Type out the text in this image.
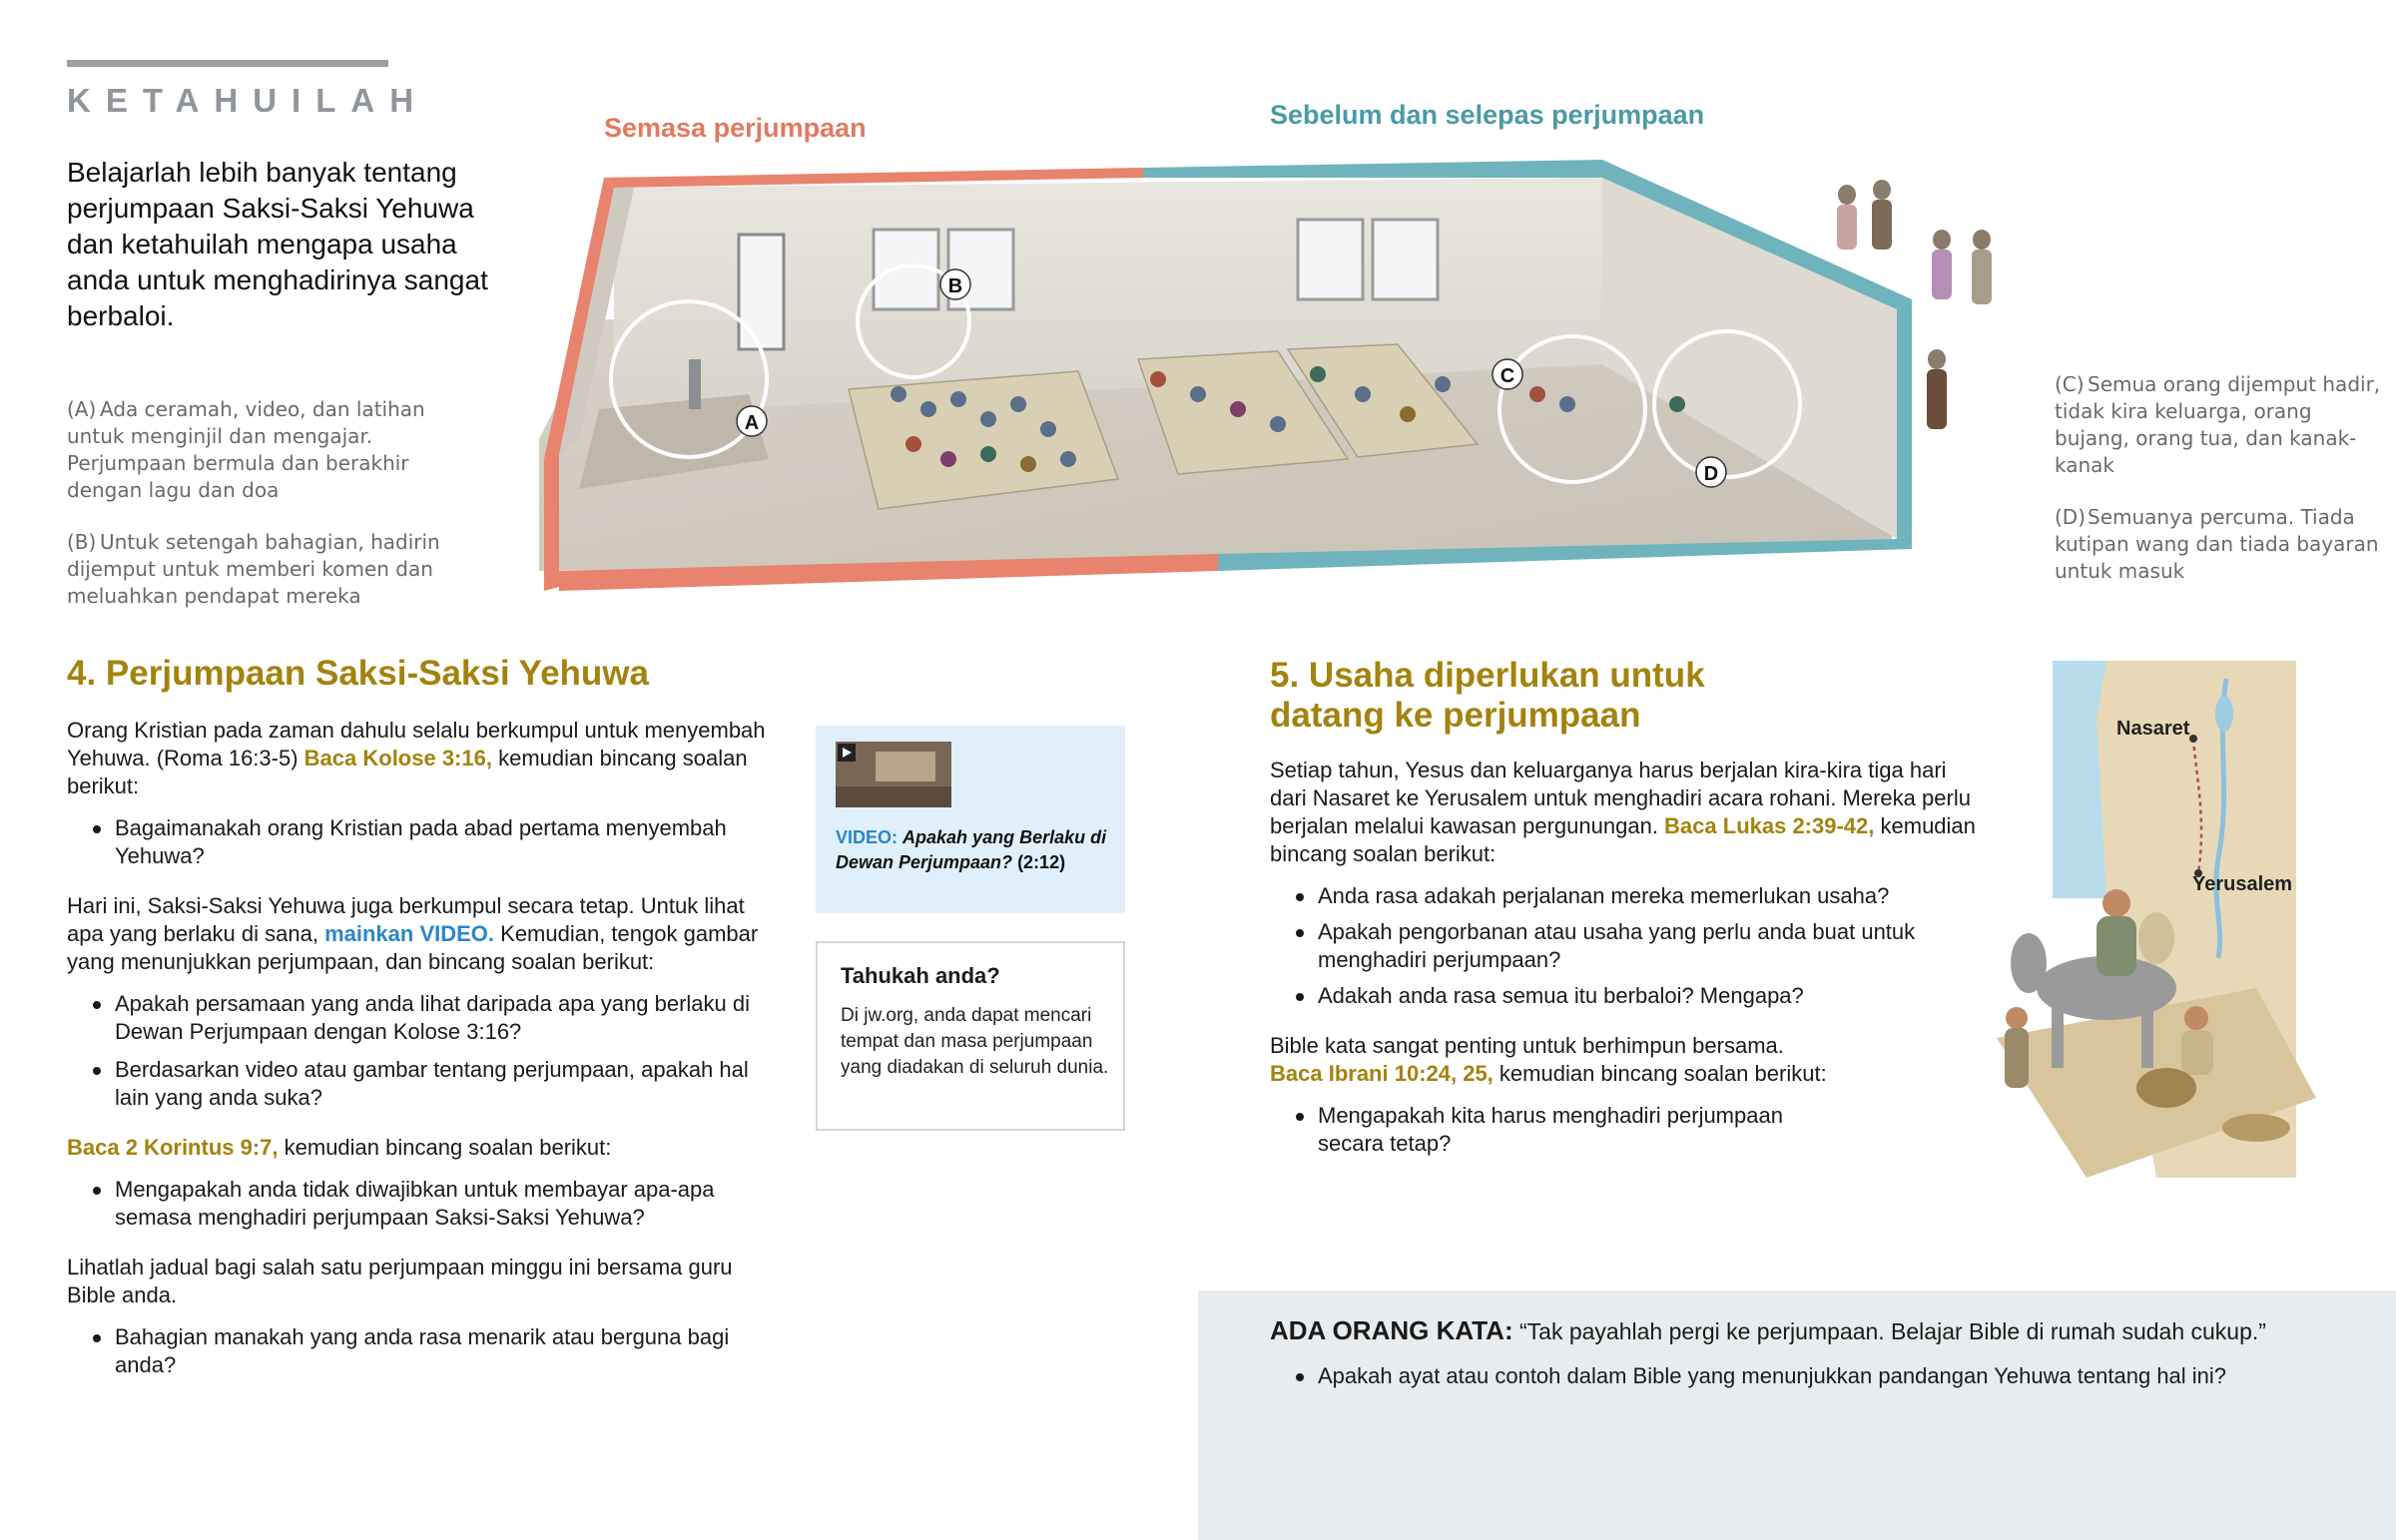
KETAHUILAH
Belajarlah lebih banyak tentang perjumpaan Saksi-Saksi Yehuwa dan ketahuilah mengapa usaha anda untuk menghadirinya sangat berbaloi.
(A) Ada ceramah, video, dan latihan untuk menginjil dan mengajar. Perjumpaan bermula dan berakhir dengan lagu dan doa
(B) Untuk setengah bahagian, hadirin dijemput untuk memberi komen dan meluahkan pendapat mereka
(C) Semua orang dijemput hadir, tidak kira keluarga, orang bujang, orang tua, dan kanak-kanak
(D)Semuanya percuma. Tiada kutipan wang dan tiada bayaran untuk masuk
Semasa perjumpaan	Sebelum dan selepas perjumpaan
A
B
C
D
4. Perjumpaan Saksi-Saksi Yehuwa

Orang Kristian pada zaman dahulu selalu berkumpul untuk menyembah Yehuwa. (Roma 16:3-5) Baca Kolose 3:16, kemudian bincang soalan berikut:

Bagaimanakah orang Kristian pada abad pertama menyembah Yehuwa?

Hari ini, Saksi-Saksi Yehuwa juga berkumpul secara tetap. Untuk lihat apa yang berlaku di sana, mainkan VIDEO. Kemudian, tengok gambar yang menunjukkan perjumpaan, dan bincang soalan berikut:

Apakah persamaan yang anda lihat daripada apa yang berlaku di Dewan Perjumpaan dengan Kolose 3:16?
Berdasarkan video atau gambar tentang perjumpaan, apakah hal lain yang anda suka?

Baca 2 Korintus 9:7, kemudian bincang soalan berikut:

Mengapakah anda tidak diwajibkan untuk membayar apa-apa semasa menghadiri perjumpaan Saksi-Saksi Yehuwa?

Lihatlah jadual bagi salah satu perjumpaan minggu ini bersama guru Bible anda.

Bahagian manakah yang anda rasa menarik atau berguna bagi anda?
VIDEO: Apakah yang Berlaku di Dewan Perjumpaan? (2:12)
Tahukah anda?
Di jw.org, anda dapat mencari tempat dan masa perjumpaan yang diadakan di seluruh dunia.
5. Usaha diperlukan untuk
datang ke perjumpaan

Setiap tahun, Yesus dan keluarganya harus berjalan kira-kira tiga hari dari Nasaret ke Yerusalem untuk menghadiri acara rohani. Mereka perlu berjalan melalui kawasan pergunungan. Baca Lukas 2:39-42, kemudian bincang soalan berikut:

Anda rasa adakah perjalanan mereka memerlukan usaha?
Apakah pengorbanan atau usaha yang perlu anda buat untuk menghadiri perjumpaan?
Adakah anda rasa semua itu berbaloi? Mengapa?

Bible kata sangat penting untuk berhimpun bersama.
Baca Ibrani 10:24, 25, kemudian bincang soalan berikut:

Mengapakah kita harus menghadiri perjumpaan secara tetap?
Nasaret
Yerusalem
ADA ORANG KATA: “Tak payahlah pergi ke perjumpaan. Belajar Bible di rumah sudah cukup.”
Apakah ayat atau contoh dalam Bible yang menunjukkan pandangan Yehuwa tentang hal ini?
